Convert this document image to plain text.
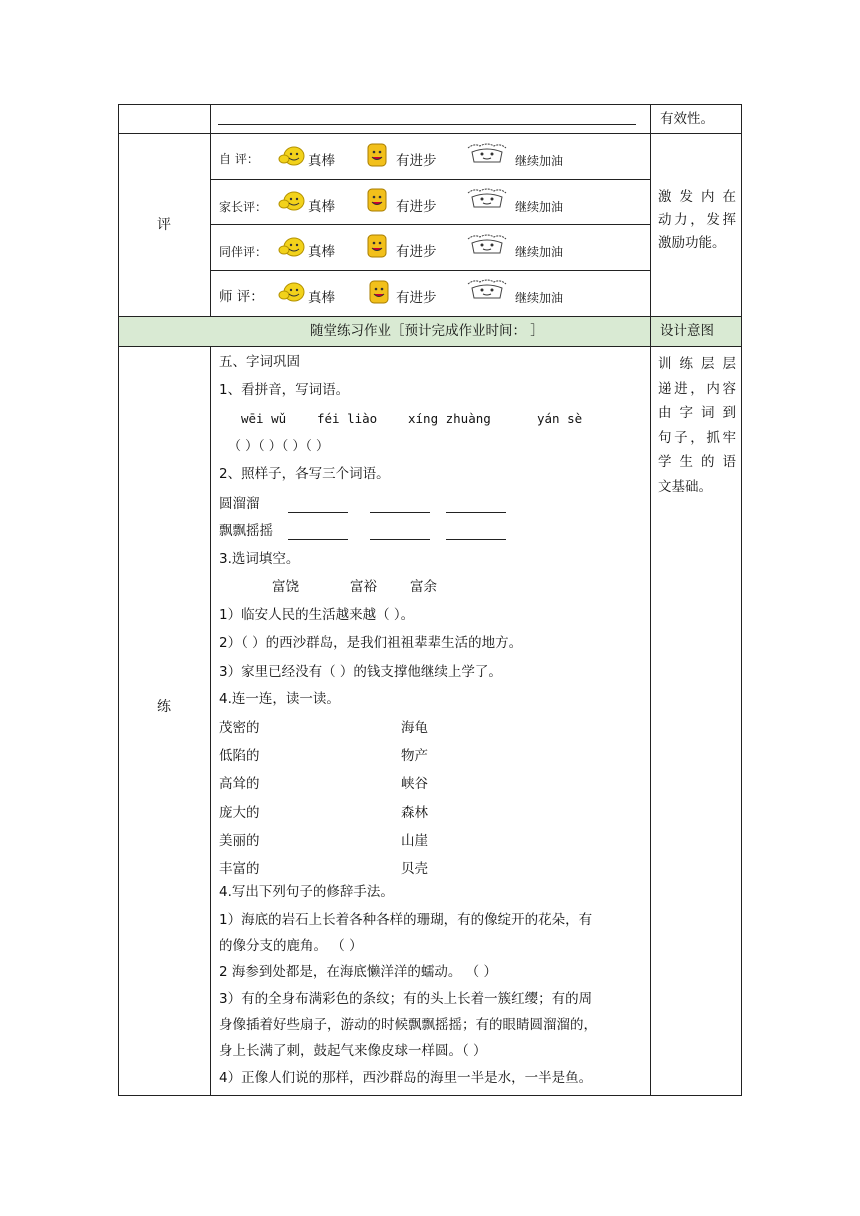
有效性。
评
自 评：	真棒	有进步	继续加油
家长评：	真棒	有进步	继续加油
同伴评：	真棒	有进步	继续加油
师 评：	真棒	有进步	继续加油
激发内在
动力，发挥
激励功能。
随堂练习作业［预计完成作业时间： ］	设计意图
练
训练层层
递进，内容
由字词到
句子，抓牢
学生的语
文基础。
五、字词巩固
1、看拼音，写词语。
wēi wǔ féi liào xíng zhuàng	yán sè
（ ）（ ）（ ）（ ）
2、照样子，各写三个词语。
圆溜溜
飘飘摇摇
3.选词填空。
富饶	富裕 富余
1）临安人民的生活越来越（ ）。
2）（ ）的西沙群岛，是我们祖祖辈辈生活的地方。
3）家里已经没有（ ）的钱支撑他继续上学了。
4.连一连，读一读。
茂密的	海龟
低陷的	物产
高耸的	峡谷
庞大的	森林
美丽的	山崖
丰富的	贝壳
4.写出下列句子的修辞手法。
1）海底的岩石上长着各种各样的珊瑚，有的像绽开的花朵，有
的像分支的鹿角。 （ ）
2 海参到处都是，在海底懒洋洋的蠕动。 （ ）
3）有的全身布满彩色的条纹；有的头上长着一簇红缨；有的周
身像插着好些扇子，游动的时候飘飘摇摇；有的眼睛圆溜溜的，
身上长满了刺，鼓起气来像皮球一样圆。（ ）
4）正像人们说的那样，西沙群岛的海里一半是水，一半是鱼。
